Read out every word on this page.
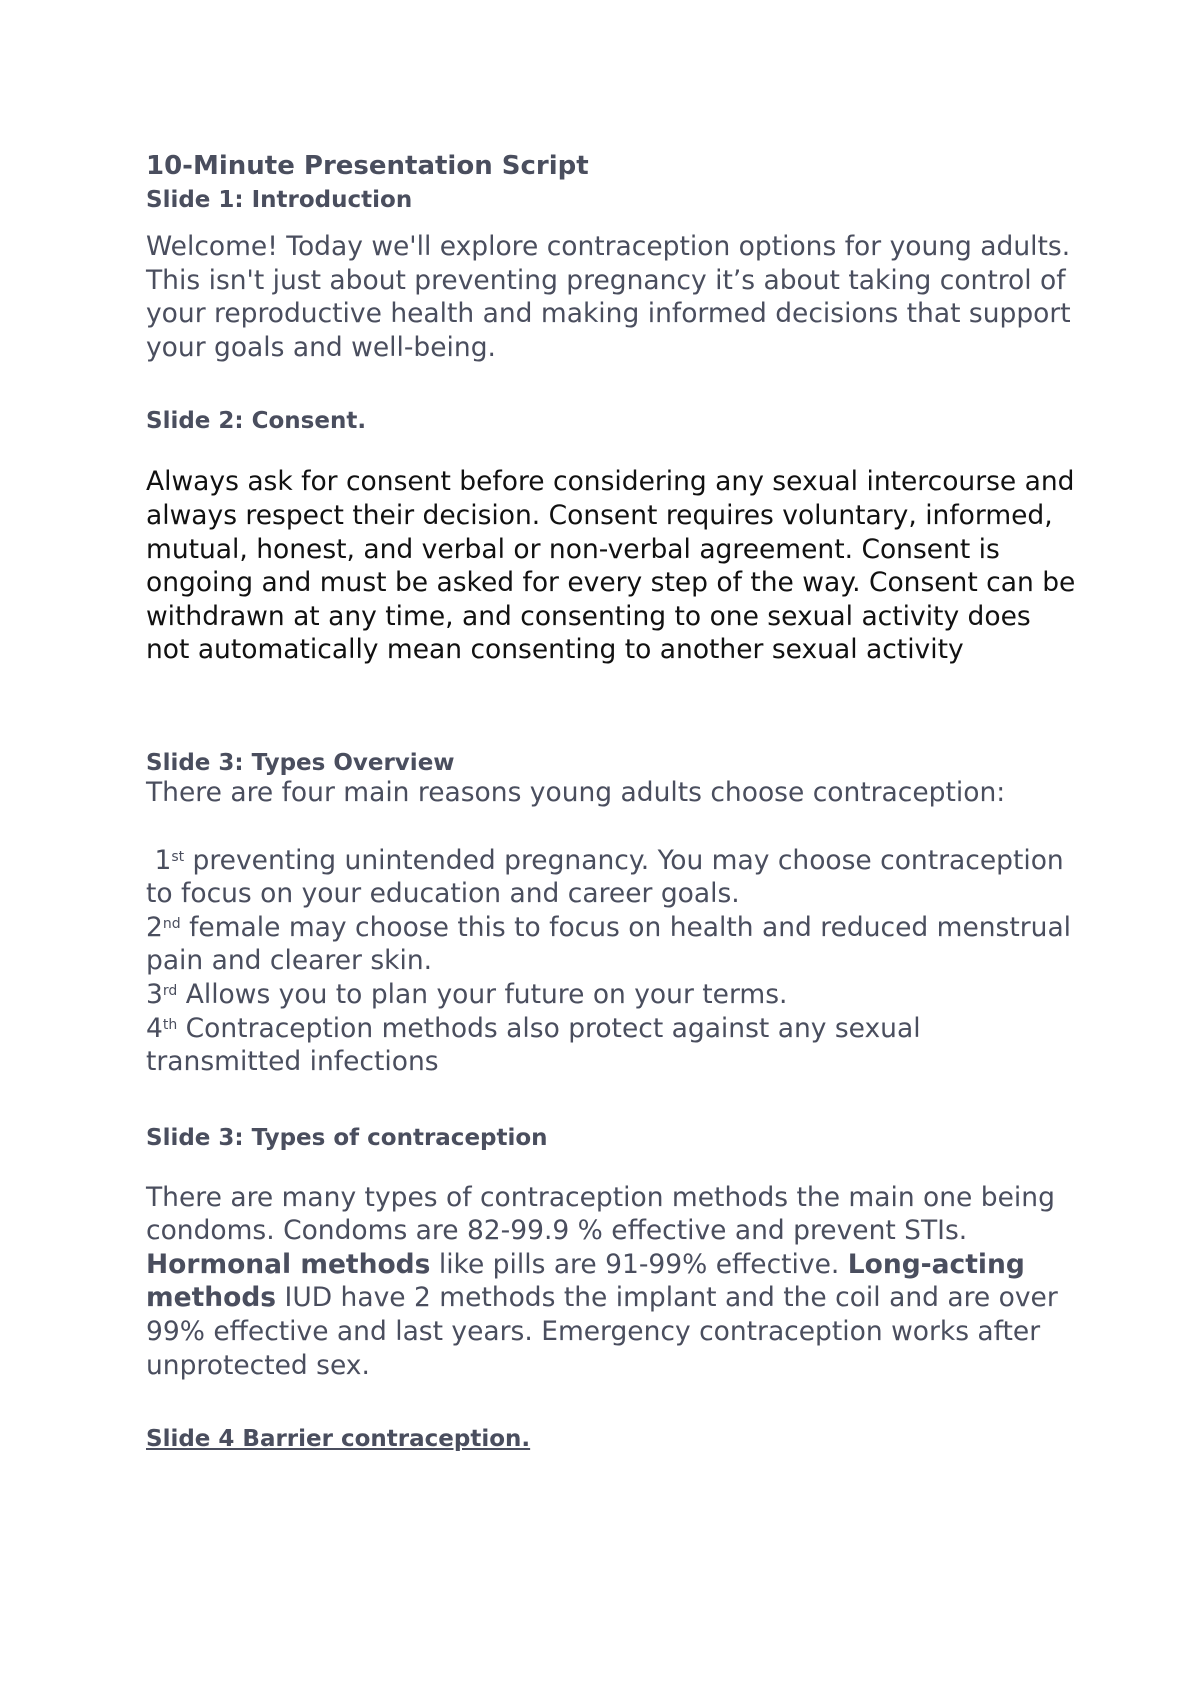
10-Minute Presentation Script

Slide 1: Introduction

Welcome! Today we'll explore contraception options for young adults. This isn't just about preventing pregnancy it’s about taking control of your reproductive health and making informed decisions that support your goals and well-being.

Slide 2: Consent.

Always ask for consent before considering any sexual intercourse and always respect their decision. Consent requires voluntary, informed, mutual, honest, and verbal or non-verbal agreement. Consent is ongoing and must be asked for every step of the way. Consent can be withdrawn at any time, and consenting to one sexual activity does not automatically mean consenting to another sexual activity

Slide 3: Types Overview

There are four main reasons young adults choose contraception:

1st preventing unintended pregnancy. You may choose contraception to focus on your education and career goals.

2nd female may choose this to focus on health and reduced menstrual pain and clearer skin.

3rd Allows you to plan your future on your terms.

4th Contraception methods also protect against any sexual transmitted infections

Slide 3: Types of contraception

There are many types of contraception methods the main one being condoms. Condoms are 82-99.9 % effective and prevent STIs. Hormonal methods like pills are 91-99% effective. Long-acting methods IUD have 2 methods the implant and the coil and are over 99% effective and last years. Emergency contraception works after unprotected sex.

Slide 4 Barrier contraception.
